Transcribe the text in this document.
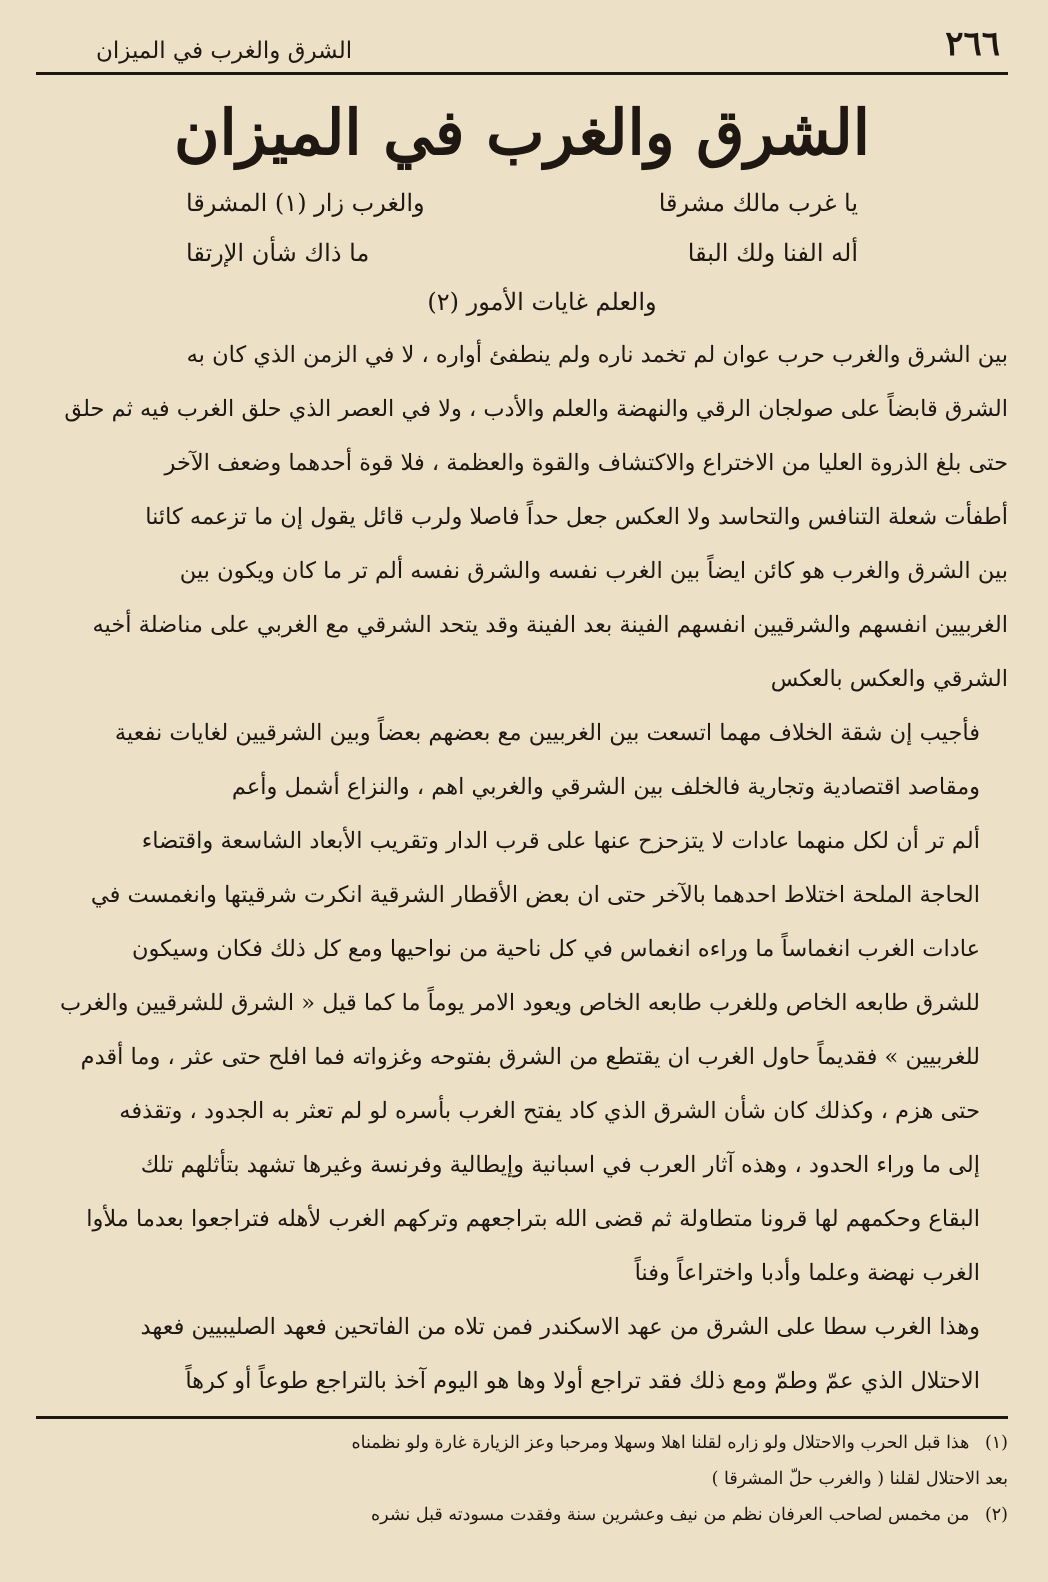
٢٦٦
الشرق والغرب في الميزان
الشرق والغرب في الميزان
يا غرب مالك مشرقا
والغرب زار (١) المشرقا
أله الفنا ولك البقا
ما ذاك شأن الإرتقا
والعلم غايات الأمور (٢)

بين الشرق والغرب حرب عوان لم تخمد ناره ولم ينطفئ أواره ، لا في الزمن الذي كان به
الشرق قابضاً على صولجان الرقي والنهضة والعلم والأدب ، ولا في العصر الذي حلق الغرب فيه ثم حلق
حتى بلغ الذروة العليا من الاختراع والاكتشاف والقوة والعظمة ، فلا قوة أحدهما وضعف الآخر
أطفأت شعلة التنافس والتحاسد ولا العكس جعل حداً فاصلا ولرب قائل يقول إن ما تزعمه كائنا
بين الشرق والغرب هو كائن ايضاً بين الغرب نفسه والشرق نفسه ألم تر ما كان ويكون بين
الغربيين انفسهم والشرقيين انفسهم الفينة بعد الفينة وقد يتحد الشرقي مع الغربي على مناضلة أخيه
الشرقي والعكس بالعكس

فأجيب إن شقة الخلاف مهما اتسعت بين الغربيين مع بعضهم بعضاً وبين الشرقيين لغايات نفعية
ومقاصد اقتصادية وتجارية فالخلف بين الشرقي والغربي اهم ، والنزاع أشمل وأعم

ألم تر أن لكل منهما عادات لا يتزحزح عنها على قرب الدار وتقريب الأبعاد الشاسعة واقتضاء
الحاجة الملحة اختلاط احدهما بالآخر حتى ان بعض الأقطار الشرقية انكرت شرقيتها وانغمست في
عادات الغرب انغماساً ما وراءه انغماس في كل ناحية من نواحيها ومع كل ذلك فكان وسيكون
للشرق طابعه الخاص وللغرب طابعه الخاص ويعود الامر يوماً ما كما قيل « الشرق للشرقيين والغرب
للغربيين » فقديماً حاول الغرب ان يقتطع من الشرق بفتوحه وغزواته فما افلح حتى عثر ، وما أقدم
حتى هزم ، وكذلك كان شأن الشرق الذي كاد يفتح الغرب بأسره لو لم تعثر به الجدود ، وتقذفه
إلى ما وراء الحدود ، وهذه آثار العرب في اسبانية وإيطالية وفرنسة وغيرها تشهد بتأثلهم تلك
البقاع وحكمهم لها قرونا متطاولة ثم قضى الله بتراجعهم وتركهم الغرب لأهله فتراجعوا بعدما ملأوا
الغرب نهضة وعلما وأدبا واختراعاً وفناً

وهذا الغرب سطا على الشرق من عهد الاسكندر فمن تلاه من الفاتحين فعهد الصليبيين فعهد
الاحتلال الذي عمّ وطمّ ومع ذلك فقد تراجع أولا وها هو اليوم آخذ بالتراجع طوعاً أو كرهاً

(١) هذا قبل الحرب والاحتلال ولو زاره لقلنا اهلا وسهلا ومرحبا وعز الزيارة غارة ولو نظمناه

بعد الاحتلال لقلنا ( والغرب حلّ المشرقا )

(٢) من مخمس لصاحب العرفان نظم من نيف وعشرين سنة وفقدت مسودته قبل نشره
